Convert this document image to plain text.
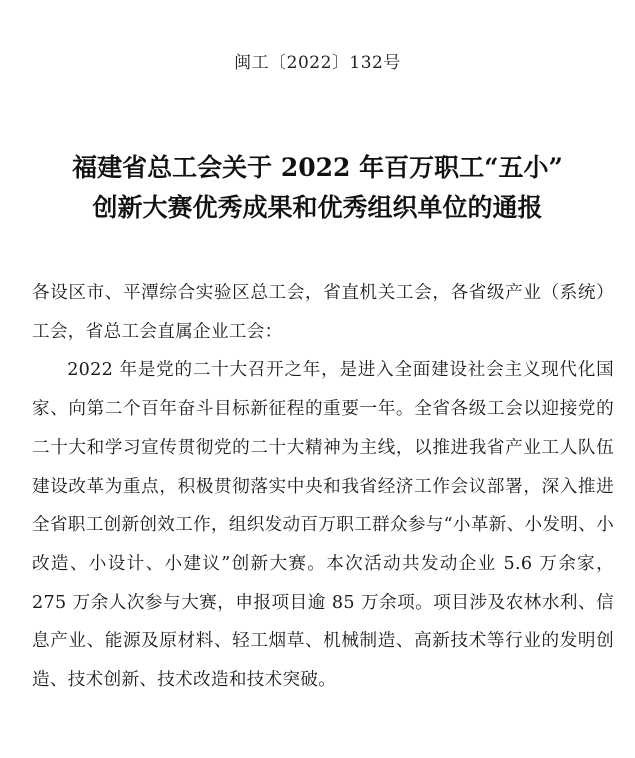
闽工〔2022〕132号
福建省总工会关于 2022 年百万职工“五小”
创新大赛优秀成果和优秀组织单位的通报

各设区市、平潭综合实验区总工会，省直机关工会，各省级产业（系统）工会，省总工会直属企业工会：

2022 年是党的二十大召开之年，是进入全面建设社会主义现代化国家、向第二个百年奋斗目标新征程的重要一年。全省各级工会以迎接党的二十大和学习宣传贯彻党的二十大精神为主线，以推进我省产业工人队伍建设改革为重点，积极贯彻落实中央和我省经济工作会议部署，深入推进全省职工创新创效工作，组织发动百万职工群众参与“小革新、小发明、小改造、小设计、小建议”创新大赛。本次活动共发动企业 5.6 万余家，275 万余人次参与大赛，申报项目逾 85 万余项。项目涉及农林水利、信息产业、能源及原材料、轻工烟草、机械制造、高新技术等行业的发明创造、技术创新、技术改造和技术突破。
